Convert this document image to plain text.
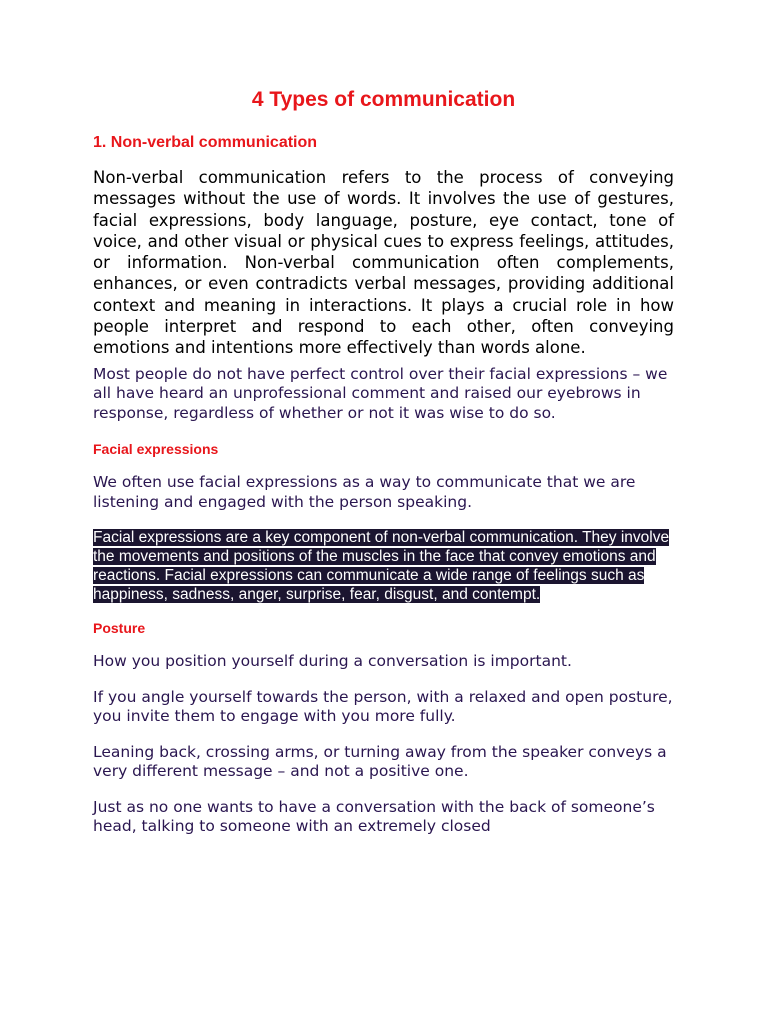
4 Types of communication
1. Non-verbal communication

Non-verbal communication refers to the process of conveying messages without the use of words. It involves the use of gestures, facial expressions, body language, posture, eye contact, tone of voice, and other visual or physical cues to express feelings, attitudes, or information. Non-verbal communication often complements, enhances, or even contradicts verbal messages, providing additional context and meaning in interactions. It plays a crucial role in how people interpret and respond to each other, often conveying emotions and intentions more effectively than words alone.

Most people do not have perfect control over their facial expressions – we all have heard an unprofessional comment and raised our eyebrows in response, regardless of whether or not it was wise to do so.

Facial expressions

We often use facial expressions as a way to communicate that we are listening and engaged with the person speaking.

Facial expressions are a key component of non-verbal communication. They involve the movements and positions of the muscles in the face that convey emotions and reactions. Facial expressions can communicate a wide range of feelings such as happiness, sadness, anger, surprise, fear, disgust, and contempt.

Posture

How you position yourself during a conversation is important.

If you angle yourself towards the person, with a relaxed and open posture, you invite them to engage with you more fully.

Leaning back, crossing arms, or turning away from the speaker conveys a very different message – and not a positive one.

Just as no one wants to have a conversation with the back of someone’s head, talking to someone with an extremely closed
